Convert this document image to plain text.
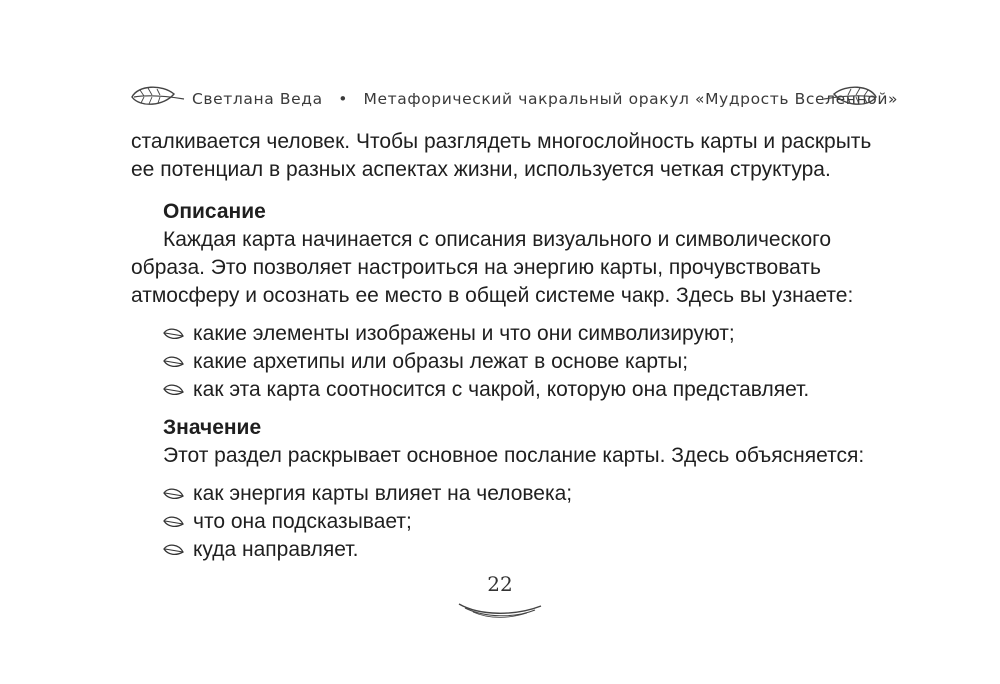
Светлана Веда • Метафорический чакральный оракул «Мудрость Вселенной»

сталкивается человек. Чтобы разглядеть многослойность карты и раскрыть ее потенциал в разных аспектах жизни, используется четкая структура.

Описание

Каждая карта начинается с описания визуального и символического образа. Это позволяет настроиться на энергию карты, прочувствовать атмосферу и осознать ее место в общей системе чакр. Здесь вы узнаете:

какие элементы изображены и что они символизируют;
какие архетипы или образы лежат в основе карты;
как эта карта соотносится с чакрой, которую она представляет.

Значение

Этот раздел раскрывает основное послание карты. Здесь объясняется:

как энергия карты влияет на человека;
что она подсказывает;
куда направляет.
22
